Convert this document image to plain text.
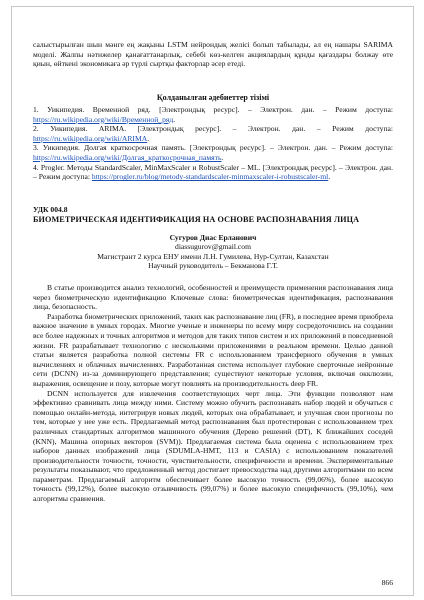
салыстырылған шын мәнге ең жақыны LSTM нейрондық желісі болып табылады, ал ең нашары SARIMA моделі. Жалпы нәтижелер қанағаттанарлық, себебі көз-келген акциялардың құнды қағаздары болжау өте қиын, өйткені экономикаға әр түрлі сыртқы факторлар әсер етеді.

Қолданылған әдебиеттер тізімі

1. Уикипедия. Временной ряд. [Электрондық ресурс]. – Электрон. дан. – Режим доступа: https://ru.wikipedia.org/wiki/Временной_ряд.

2. Уикипедия. ARIMA. [Электрондық ресурс]. – Электрон. дан. – Режим доступа: https://ru.wikipedia.org/wiki/ARIMA.

3. Уикипедия. Долгая краткосрочная память. [Электрондық ресурс]. – Электрон. дан. – Режим доступа: https://ru.wikipedia.org/wiki/Долгая_краткосрочная_память.

4. Progler. Методы StandardScaler, MinMaxScaler и RobustScaler – ML. [Электрондық ресурс]. – Электрон. дан. – Режим доступа: https://progler.ru/blog/metody-standardscaler-minmaxscaler-i-robustscaler-ml.

УДК 004.8

БИОМЕТРИЧЕСКАЯ ИДЕНТИФИКАЦИЯ НА ОСНОВЕ РАСПОЗНАВАНИЯ ЛИЦА

Сугуров Диас Ерланович

diassugurov@gmail.com

Магистрант 2 курса ЕНУ имени Л.Н. Гумилева, Нур-Султан, Казахстан

Научный руководитель – Бекманова Г.Т.

В статье производится анализ технологий, особенностей и преимуществ применения распознавания лица через биометрическую идентификацию Ключевые слова: биометрическая идентификация, распознавания лица, безопасность.

Разработка биометрических приложений, таких как распознавание лиц (FR), в последнее время приобрела важное значение в умных городах. Многие ученые и инженеры по всему миру сосредоточились на создании все более надежных и точных алгоритмов и методов для таких типов систем и их приложений в повседневной жизни. FR разрабатывает технологию с несколькими приложениями в реальном времени. Целью данной статьи является разработка полной системы FR с использованием трансферного обучения в умных вычислениях и облачных вычислениях. Разработанная система использует глубокие сверточные нейронные сети (DCNN) из-за доминирующего представления; существуют некоторые условия, включая окклюзии, выражения, освещение и позу, которые могут повлиять на производительность deep FR.

DCNN используется для извлечения соответствующих черт лица. Эти функции позволяют нам эффективно сравнивать лица между ними. Систему можно обучить распознавать набор людей и обучаться с помощью онлайн-метода, интегрируя новых людей, которых она обрабатывает, и улучшая свои прогнозы по тем, которые у нее уже есть. Предлагаемый метод распознавания был протестирован с использованием трех различных стандартных алгоритмов машинного обучения (Дерево решений (DT), K ближайших соседей (KNN), Машина опорных векторов (SVM)). Предлагаемая система была оценена с использованием трех наборов данных изображений лица (SDUMLA-HMT, 113 и CASIA) с использованием показателей производительности точности, точности, чувствительности, специфичности и времени. Экспериментальные результаты показывают, что предложенный метод достигает превосходства над другими алгоритмами по всем параметрам. Предлагаемый алгоритм обеспечивает более высокую точность (99,06%), более высокую точность (99,12%), более высокую отзывчивость (99,07%) и более высокую специфичность (99,10%), чем алгоритмы сравнения.

866
